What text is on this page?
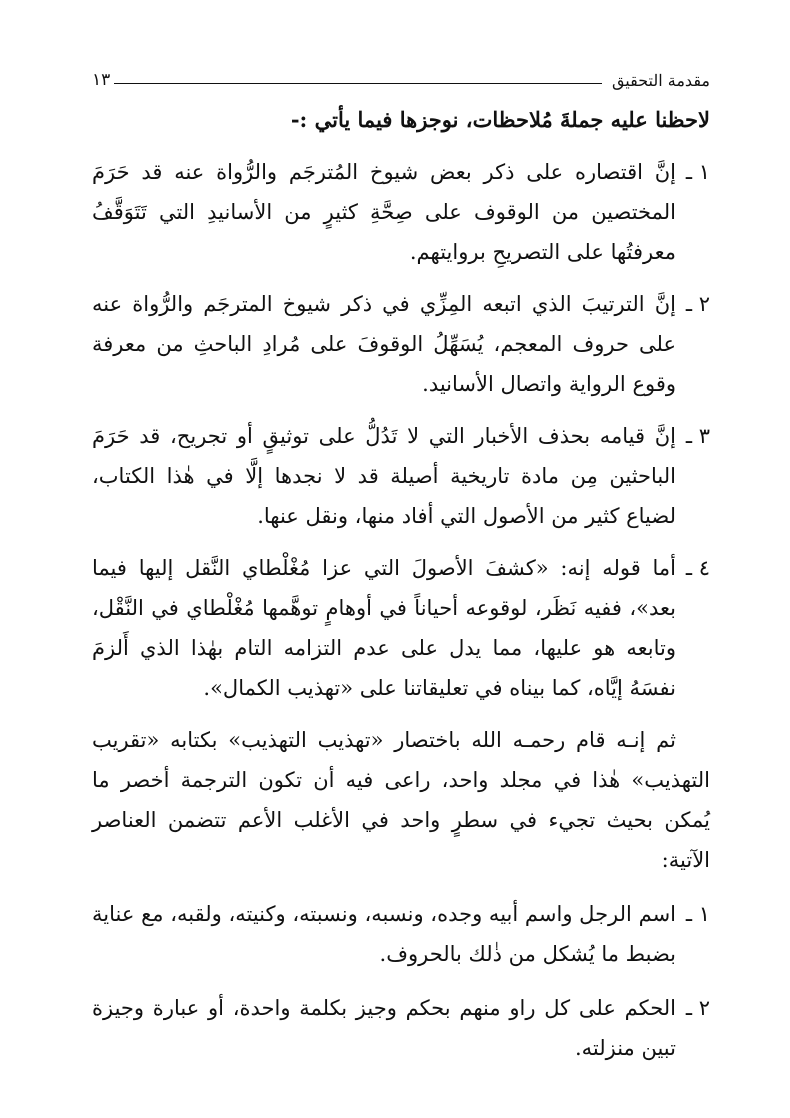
مقدمة التحقيق
١٣

لاحظنا عليه جملةَ مُلاحظات، نوجزها فيما يأتي :-

١ ـ
إنَّ اقتصاره على ذكر بعض شيوخ المُترجَم والرُّواة عنه قد حَرَمَ المختصين من الوقوف على صِحَّةِ كثيرٍ من الأسانيدِ التي تَتَوَقَّفُ معرفتُها على التصريحِ بروايتهم.
٢ ـ
إنَّ الترتيبَ الذي اتبعه المِزِّي في ذكر شيوخ المترجَم والرُّواة عنه على حروف المعجم، يُسَهِّلُ الوقوفَ على مُرادِ الباحثِ من معرفة وقوع الرواية واتصال الأسانيد.
٣ ـ
إنَّ قيامه بحذف الأخبار التي لا تَدُلُّ على توثيقٍ أو تجريح، قد حَرَمَ الباحثين مِن مادة تاريخية أصيلة قد لا نجدها إلَّا في هٰذا الكتاب، لضياع كثير من الأصول التي أفاد منها، ونقل عنها.
٤ ـ
أما قوله إنه: «كشفَ الأصولَ التي عزا مُغْلْطاي النَّقل إليها فيما بعد»، ففيه نَظَر، لوقوعه أحياناً في أوهامٍ توهَّمها مُغْلْطاي في النَّقْل، وتابعه هو عليها، مما يدل على عدم التزامه التام بهٰذا الذي أَلزمَ نفسَهُ إيَّاه، كما بيناه في تعليقاتنا على «تهذيب الكمال».

ثم إنـه قام رحمـه الله باختصار «تهذيب التهذيب» بكتابه «تقريب التهذيب» هٰذا في مجلد واحد، راعى فيه أن تكون الترجمة أخصر ما يُمكن بحيث تجيء في سطرٍ واحد في الأغلب الأعم تتضمن العناصر الآتية:

١ ـ
اسم الرجل واسم أبيه وجده، ونسبه، ونسبته، وكنيته، ولقبه، مع عناية بضبط ما يُشكل من ذٰلك بالحروف.
٢ ـ
الحكم على كل راو منهم بحكم وجيز بكلمة واحدة، أو عبارة وجيزة تبين منزلته.
